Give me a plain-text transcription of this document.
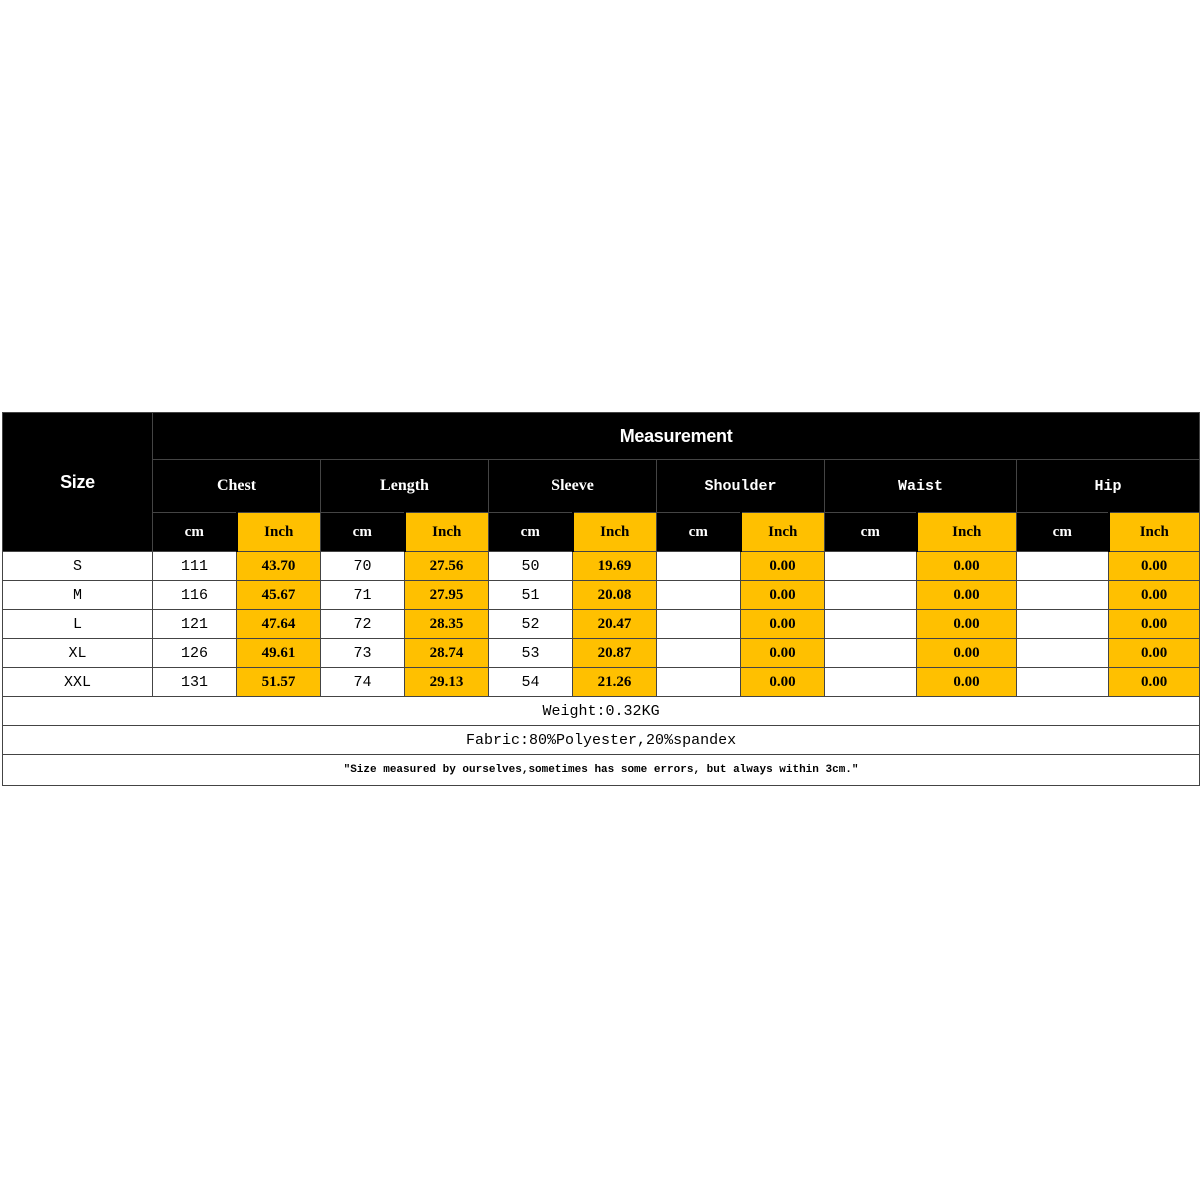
Size	Measurement											
	Chest		Length		Sleeve		Shoulder		Waist		Hip	
	cm	Inch	cm	Inch	cm	Inch	cm	Inch	cm	Inch	cm	Inch
S	111	43.70	70	27.56	50	19.69		0.00		0.00		0.00
M	116	45.67	71	27.95	51	20.08		0.00		0.00		0.00
L	121	47.64	72	28.35	52	20.47		0.00		0.00		0.00
XL	126	49.61	73	28.74	53	20.87		0.00		0.00		0.00
XXL	131	51.57	74	29.13	54	21.26		0.00		0.00		0.00
Weight:0.32KG												
Fabric:80%Polyester,20%spandex												
"Size measured by ourselves,sometimes has some errors, but always within 3cm."												
